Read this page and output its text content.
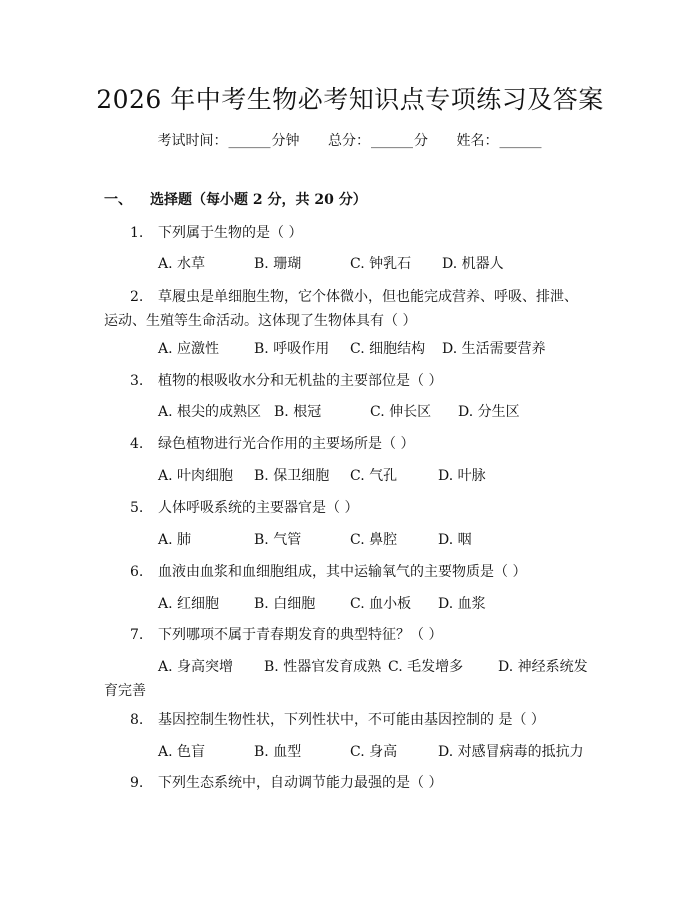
2026 年中考生物必考知识点专项练习及答案
考试时间：______分钟 总分：______分 姓名：______
一、 选择题（每小题 2 分，共 20 分）
1. 下列属于生物的是（ ）
A. 水草	B. 珊瑚	C. 钟乳石 D. 机器人
2. 草履虫是单细胞生物，它个体微小，但也能完成营养、呼吸、排泄、运动、生殖等生命活动。这体现了生物体具有（ ）
A. 应激性 B. 呼吸作用 C. 细胞结构 D. 生活需要营养
3. 植物的根吸收水分和无机盐的主要部位是（ ）
A. 根尖的成熟区 B. 根冠	C. 伸长区 D. 分生区
4. 绿色植物进行光合作用的主要场所是（ ）
A. 叶肉细胞 B. 保卫细胞 C. 气孔	D. 叶脉
5. 人体呼吸系统的主要器官是（ ）
A. 肺	B. 气管	C. 鼻腔	D. 咽
6. 血液由血浆和血细胞组成，其中运输氧气的主要物质是（ ）
A. 红细胞 B. 白细胞 C. 血小板 D. 血浆
7. 下列哪项不属于青春期发育的典型特征？（ ）
A. 身高突增 B. 性器官发育成熟 C. 毛发增多 D. 神经系统发
育完善
8. 基因控制生物性状，下列性状中，不可能由基因控制的 是（ ）
A. 色盲	B. 血型	C. 身高	D. 对感冒病毒的抵抗力
9. 下列生态系统中，自动调节能力最强的是（ ）
